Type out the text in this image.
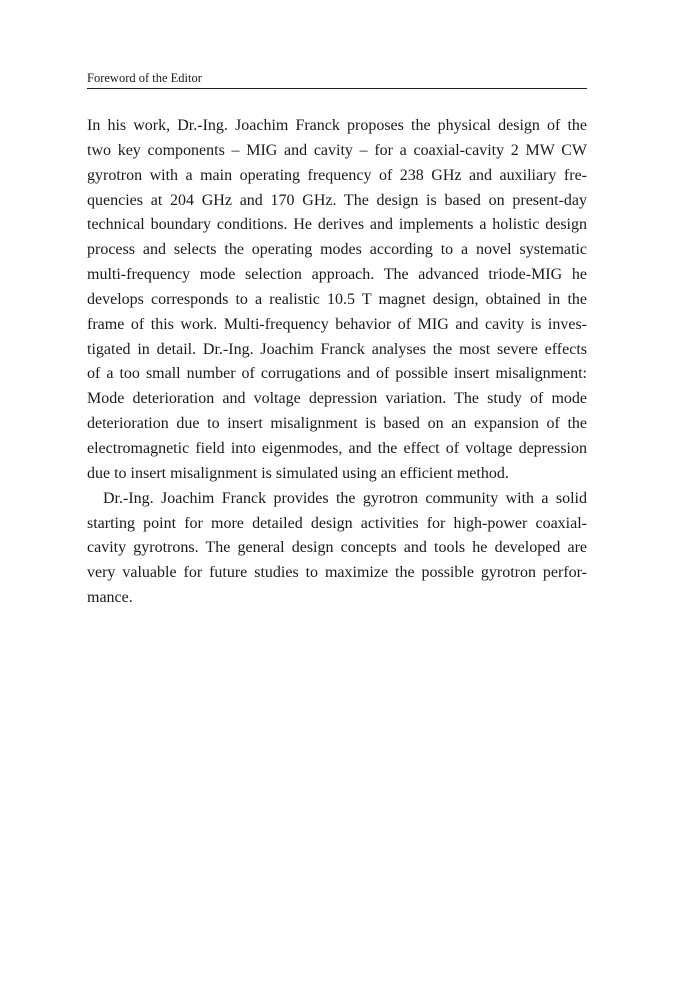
Foreword of the Editor
In his work, Dr.-Ing. Joachim Franck proposes the physical design of the
two key components – MIG and cavity – for a coaxial-cavity 2 MW CW
gyrotron with a main operating frequency of 238 GHz and auxiliary fre-
quencies at 204 GHz and 170 GHz. The design is based on present-day
technical boundary conditions. He derives and implements a holistic design
process and selects the operating modes according to a novel systematic
multi-frequency mode selection approach. The advanced triode-MIG he
develops corresponds to a realistic 10.5 T magnet design, obtained in the
frame of this work. Multi-frequency behavior of MIG and cavity is inves-
tigated in detail. Dr.-Ing. Joachim Franck analyses the most severe effects
of a too small number of corrugations and of possible insert misalignment:
Mode deterioration and voltage depression variation. The study of mode
deterioration due to insert misalignment is based on an expansion of the
electromagnetic field into eigenmodes, and the effect of voltage depression
due to insert misalignment is simulated using an efficient method.
Dr.-Ing. Joachim Franck provides the gyrotron community with a solid
starting point for more detailed design activities for high-power coaxial-
cavity gyrotrons. The general design concepts and tools he developed are
very valuable for future studies to maximize the possible gyrotron perfor-
mance.
